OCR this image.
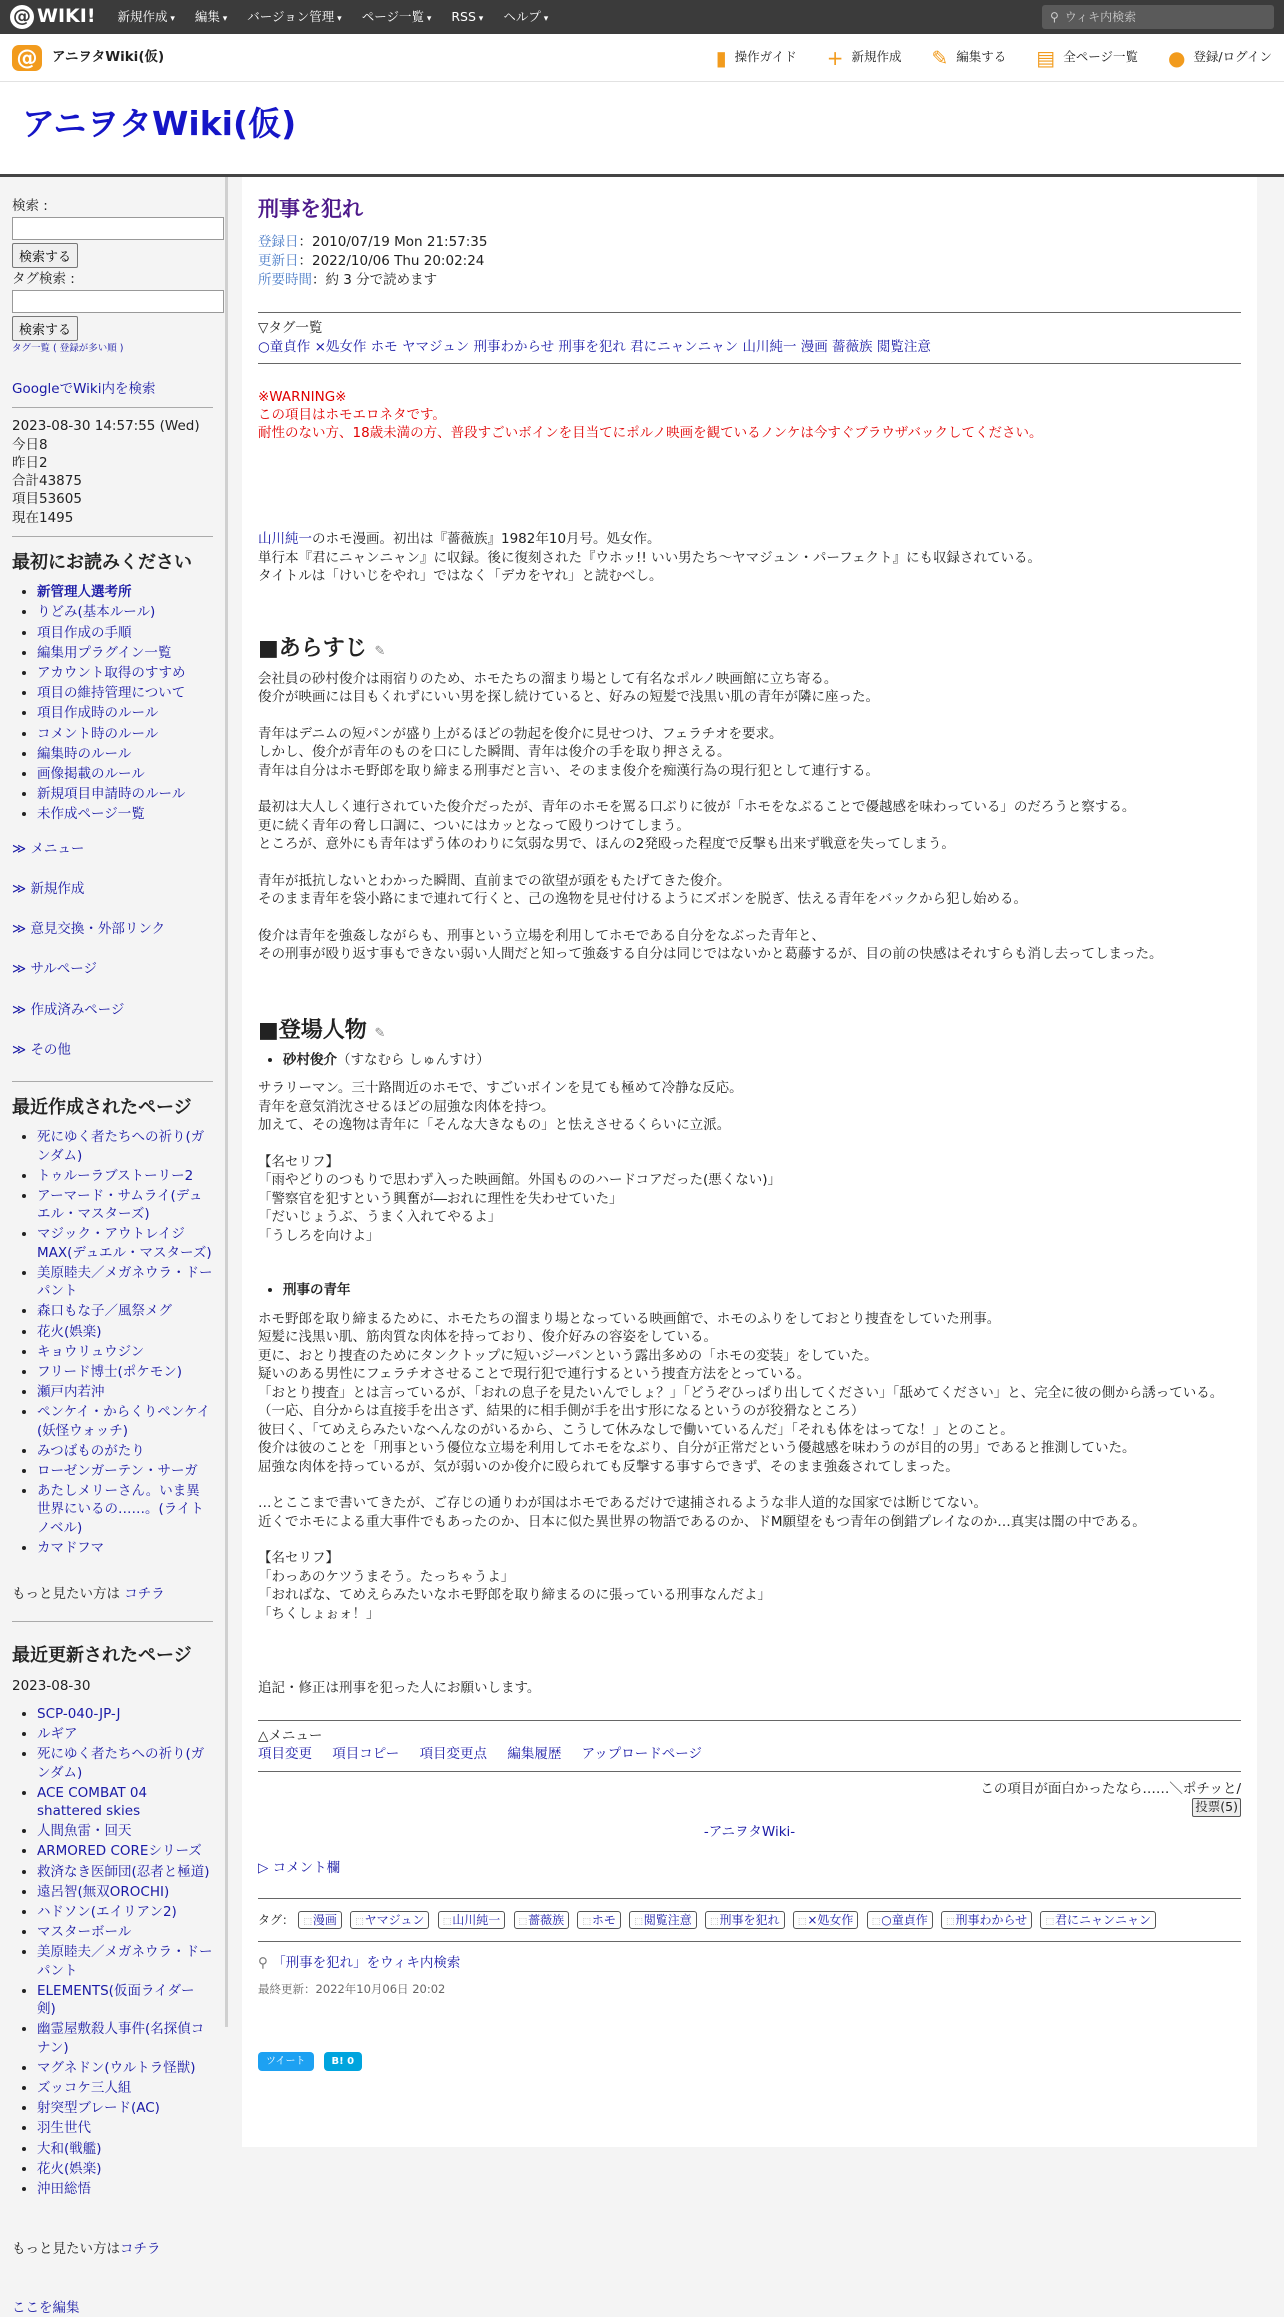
@ WIKI! 新規作成 ▾	編集 ▾	バージョン管理 ▾	ページ一覧 ▾	RSS ▾	ヘルプ ▾	⚲ ウィキ内検索
@	アニヲタWiki(仮)	▮ 操作ガイド + 新規作成 ✎ 編集する ▤ 全ページ一覧 ● 登録/ログイン
アニヲタWiki(仮)
検索 :
検索する
タグ検索 :
検索する
タグ一覧 ( 登録が多い順 )
GoogleでWiki内を検索
2023-08-30 14:57:55 (Wed)
今日8
昨日2
合計43875
項目53605
現在1495
最初にお読みください
• 新管理人選考所
• りどみ(基本ルール)
• 項目作成の手順
• 編集用プラグイン一覧
• アカウント取得のすすめ
• 項目の維持管理について
• 項目作成時のルール
• コメント時のルール
• 編集時のルール
• 画像掲載のルール
• 新規項目申請時のルール
• 未作成ページ一覧
≫ メニュー
≫ 新規作成
≫ 意見交換・外部リンク
≫ サルページ
≫ 作成済みページ
≫ その他
最近作成されたページ
• 死にゆく者たちへの祈り(ガンダム)
• トゥルーラブストーリー2
• アーマード・サムライ(デュエル・マスターズ)
• マジック・アウトレイジMAX(デュエル・マスターズ)
• 美原睦夫／メガネウラ・ドーパント
• 森口もな子／風祭メグ
• 花火(娯楽)
• キョウリュウジン
• フリード博士(ポケモン)
• 瀬戸内若沖
• ペンケイ・からくりペンケイ(妖怪ウォッチ)
• みつばものがたり
• ローゼンガーテン・サーガ
• あたしメリーさん。いま異世界にいるの……。(ライトノベル)
• カマドフマ
もっと見たい方は コチラ
最近更新されたページ
2023-08-30
• SCP-040-JP-J
• ルギア
• 死にゆく者たちへの祈り(ガンダム)
• ACE COMBAT 04 shattered skies
• 人間魚雷・回天
• ARMORED COREシリーズ
• 救済なき医師団(忍者と極道)
• 遠呂智(無双OROCHI)
• ハドソン(エイリアン2)
• マスターボール
• 美原睦夫／メガネウラ・ドーパント
• ELEMENTS(仮面ライダー剣)
• 幽霊屋敷殺人事件(名探偵コナン)
• マグネドン(ウルトラ怪獣)
• ズッコケ三人組
• 射突型ブレード(AC)
• 羽生世代
• 大和(戦艦)
• 花火(娯楽)
• 沖田総悟
刑事を犯れ
登録日：2010/07/19 Mon 21:57:35
更新日：2022/10/06 Thu 20:02:24
所要時間：約 3 分で読めます
▽タグ一覧
○童貞作 ×処女作 ホモ ヤマジュン 刑事わからせ 刑事を犯れ 君にニャンニャン 山川純一 漫画 薔薇族 閲覧注意
※WARNING※
この項目はホモエロネタです。
耐性のない方、18歳未満の方、普段すごいボインを目当てにポルノ映画を観ているノンケは今すぐブラウザバックしてください。

山川純一のホモ漫画。初出は『薔薇族』1982年10月号。処女作。
単行本『君にニャンニャン』に収録。後に復刻された『ウホッ!! いい男たち〜ヤマジュン・パーフェクト』にも収録されている。
タイトルは「けいじをやれ」ではなく「デカをヤれ」と読むべし。

■あらすじ ✎

会社員の砂村俊介は雨宿りのため、ホモたちの溜まり場として有名なポルノ映画館に立ち寄る。
俊介が映画には目もくれずにいい男を探し続けていると、好みの短髪で浅黒い肌の青年が隣に座った。

青年はデニムの短パンが盛り上がるほどの勃起を俊介に見せつけ、フェラチオを要求。
しかし、俊介が青年のものを口にした瞬間、青年は俊介の手を取り押さえる。
青年は自分はホモ野郎を取り締まる刑事だと言い、そのまま俊介を痴漢行為の現行犯として連行する。

最初は大人しく連行されていた俊介だったが、青年のホモを罵る口ぶりに彼が「ホモをなぶることで優越感を味わっている」のだろうと察する。
更に続く青年の脅し口調に、ついにはカッとなって殴りつけてしまう。
ところが、意外にも青年はずう体のわりに気弱な男で、ほんの2発殴った程度で反撃も出来ず戦意を失ってしまう。

青年が抵抗しないとわかった瞬間、直前までの欲望が頭をもたげてきた俊介。
そのまま青年を袋小路にまで連れて行くと、己の逸物を見せ付けるようにズボンを脱ぎ、怯える青年をバックから犯し始める。

俊介は青年を強姦しながらも、刑事という立場を利用してホモである自分をなぶった青年と、
その刑事が殴り返す事もできない弱い人間だと知って強姦する自分は同じではないかと葛藤するが、目の前の快感はそれすらも消し去ってしまった。

■登場人物 ✎
• 砂村俊介（すなむら しゅんすけ）

サラリーマン。三十路間近のホモで、すごいボインを見ても極めて冷静な反応。
青年を意気消沈させるほどの屈強な肉体を持つ。
加えて、その逸物は青年に「そんな大きなもの」と怯えさせるくらいに立派。

【名セリフ】
「雨やどりのつもりで思わず入った映画館。外国もののハードコアだった(悪くない)」
「警察官を犯すという興奮が―おれに理性を失わせていた」
「だいじょうぶ、うまく入れてやるよ」
「うしろを向けよ」

• 刑事の青年

ホモ野郎を取り締まるために、ホモたちの溜まり場となっている映画館で、ホモのふりをしておとり捜査をしていた刑事。
短髪に浅黒い肌、筋肉質な肉体を持っており、俊介好みの容姿をしている。
更に、おとり捜査のためにタンクトップに短いジーパンという露出多めの「ホモの変装」をしていた。
疑いのある男性にフェラチオさせることで現行犯で連行するという捜査方法をとっている。
「おとり捜査」とは言っているが、「おれの息子を見たいんでしょ？」「どうぞひっぱり出してください」「舐めてください」と、完全に彼の側から誘っている。
（一応、自分からは直接手を出さず、結果的に相手側が手を出す形になるというのが狡猾なところ）
彼曰く、「てめえらみたいなへんなのがいるから、こうして休みなしで働いているんだ」「それも体をはってな！」とのこと。
俊介は彼のことを「刑事という優位な立場を利用してホモをなぶり、自分が正常だという優越感を味わうのが目的の男」であると推測していた。
屈強な肉体を持っているが、気が弱いのか俊介に殴られても反撃する事すらできず、そのまま強姦されてしまった。

…とここまで書いてきたが、ご存じの通りわが国はホモであるだけで逮捕されるような非人道的な国家では断じてない。
近くでホモによる重大事件でもあったのか、日本に似た異世界の物語であるのか、ドM願望をもつ青年の倒錯プレイなのか…真実は闇の中である。

【名セリフ】
「わっあのケツうまそう。たっちゃうよ」
「おればな、てめえらみたいなホモ野郎を取り締まるのに張っている刑事なんだよ」
「ちくしょぉォ！」

追記・修正は刑事を犯った人にお願いします。

△メニュー
項目変更 項目コピー 項目変更点 編集履歴 アップロードページ
この項目が面白かったなら……＼ポチッと/
投票(5)
-アニヲタWiki-
▷ コメント欄
タグ： ⬚ 漫画 ⬚ ヤマジュン ⬚ 山川純一 ⬚ 薔薇族 ⬚ ホモ ⬚ 閲覧注意 ⬚ 刑事を犯れ ⬚ ×処女作 ⬚ ○童貞作 ⬚ 刑事わからせ ⬚ 君にニャンニャン
⚲ 「刑事を犯れ」をウィキ内検索
最終更新：2022年10月06日 20:02
ツイート	B! 0
もっと見たい方はコチラ
ここを編集
